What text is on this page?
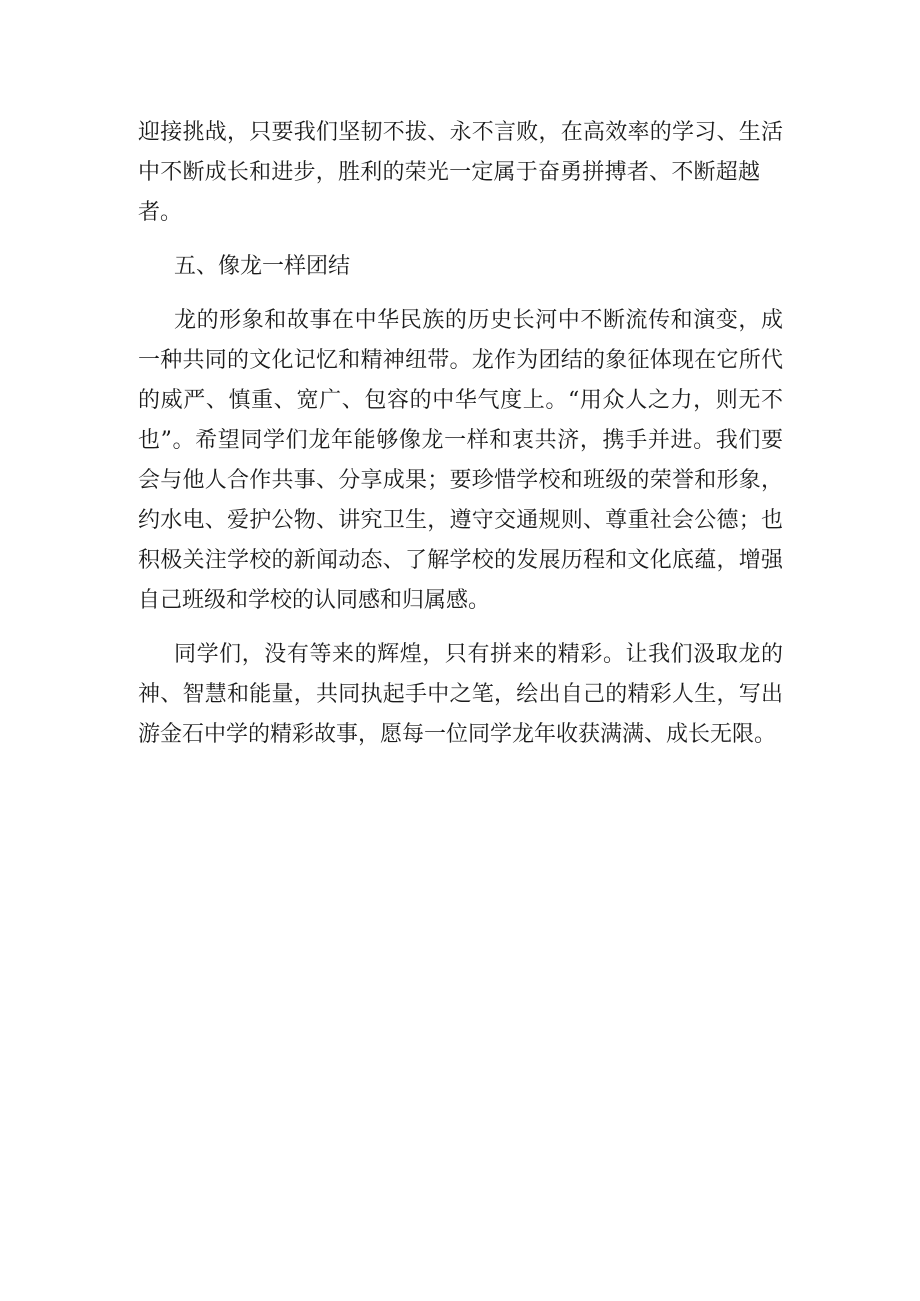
迎接挑战，只要我们坚韧不拔、永不言败，在高效率的学习、生活
中不断成长和进步，胜利的荣光一定属于奋勇拼搏者、不断超越
者。
五、像龙一样团结
龙的形象和故事在中华民族的历史长河中不断流传和演变，成
一种共同的文化记忆和精神纽带。龙作为团结的象征体现在它所代
的威严、慎重、宽广、包容的中华气度上。“用众人之力，则无不
也”。希望同学们龙年能够像龙一样和衷共济，携手并进。我们要
会与他人合作共事、分享成果；要珍惜学校和班级的荣誉和形象，
约水电、爱护公物、讲究卫生，遵守交通规则、尊重社会公德；也
积极关注学校的新闻动态、了解学校的发展历程和文化底蕴，增强
自己班级和学校的认同感和归属感。
同学们，没有等来的辉煌，只有拼来的精彩。让我们汲取龙的
神、智慧和能量，共同执起手中之笔，绘出自己的精彩人生，写出
游金石中学的精彩故事，愿每一位同学龙年收获满满、成长无限。
